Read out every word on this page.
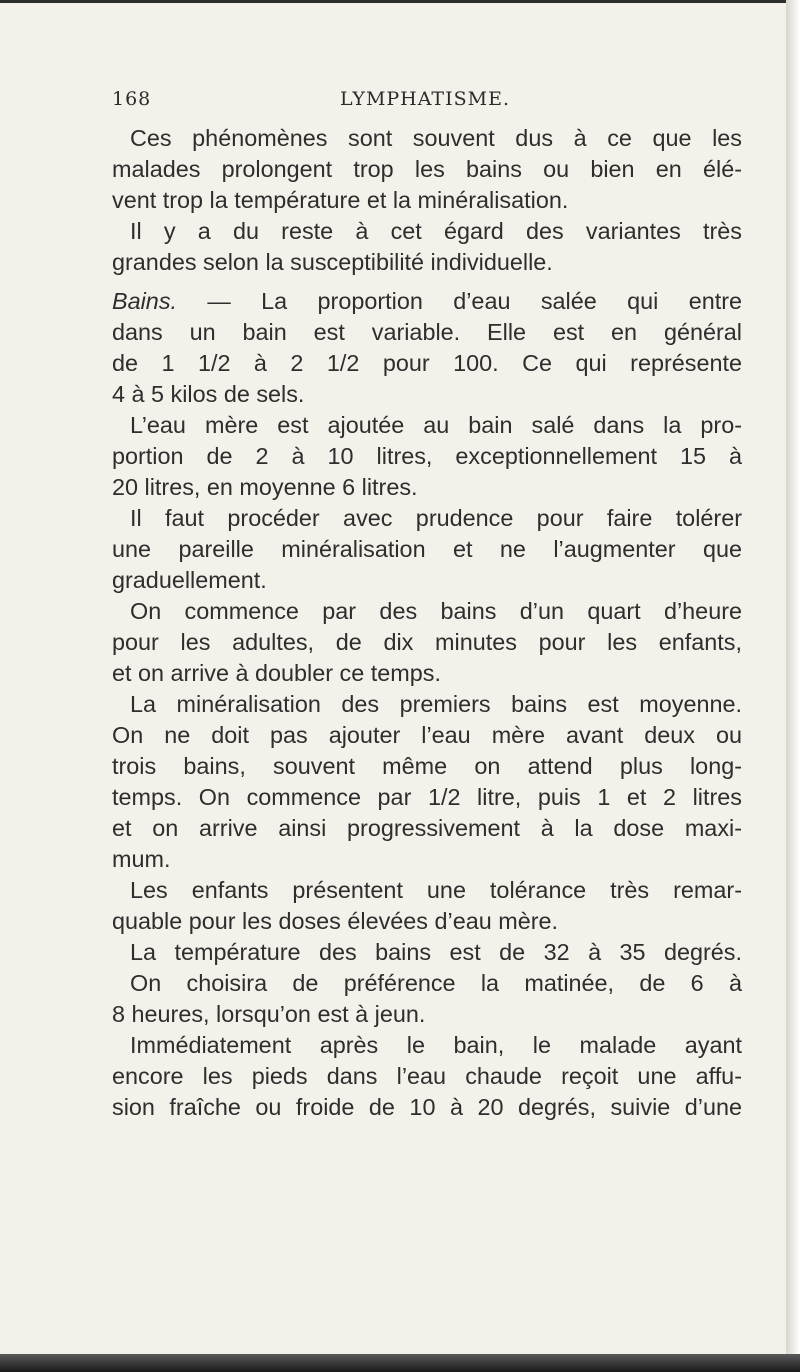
168	LYMPHATISME.
Ces phénomènes sont souvent dus à ce que les
malades prolongent trop les bains ou bien en élé-
vent trop la température et la minéralisation.
Il y a du reste à cet égard des variantes très
grandes selon la susceptibilité individuelle.
Bains. — La proportion d’eau salée qui entre
dans un bain est variable. Elle est en général
de 1 1/2 à 2 1/2 pour 100. Ce qui représente
4 à 5 kilos de sels.
L’eau mère est ajoutée au bain salé dans la pro-
portion de 2 à 10 litres, exceptionnellement 15 à
20 litres, en moyenne 6 litres.
Il faut procéder avec prudence pour faire tolérer
une pareille minéralisation et ne l’augmenter que
graduellement.
On commence par des bains d’un quart d’heure
pour les adultes, de dix minutes pour les enfants,
et on arrive à doubler ce temps.
La minéralisation des premiers bains est moyenne.
On ne doit pas ajouter l’eau mère avant deux ou
trois bains, souvent même on attend plus long-
temps. On commence par 1/2 litre, puis 1 et 2 litres
et on arrive ainsi progressivement à la dose maxi-
mum.
Les enfants présentent une tolérance très remar-
quable pour les doses élevées d’eau mère.
La température des bains est de 32 à 35 degrés.
On choisira de préférence la matinée, de 6 à
8 heures, lorsqu’on est à jeun.
Immédiatement après le bain, le malade ayant
encore les pieds dans l’eau chaude reçoit une affu-
sion fraîche ou froide de 10 à 20 degrés, suivie d’une
